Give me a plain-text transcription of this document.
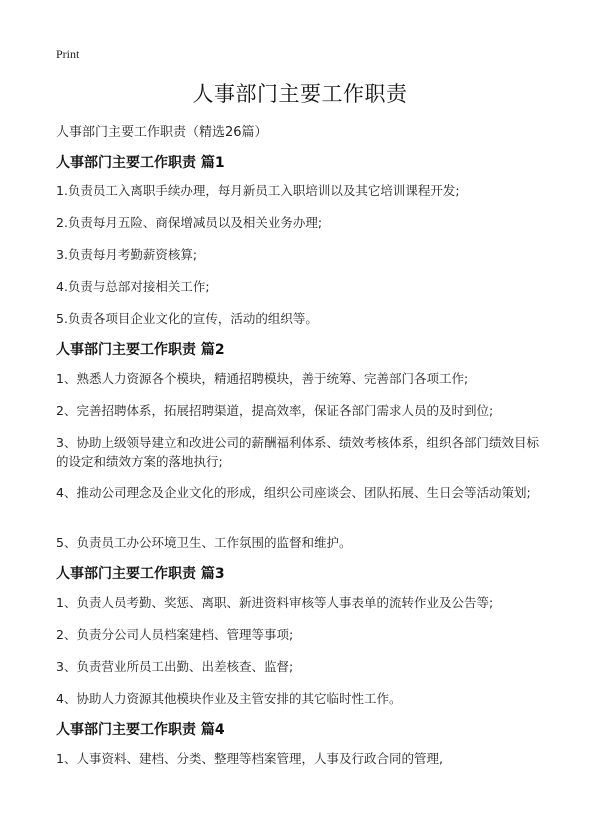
Print
人事部门主要工作职责
人事部门主要工作职责（精选26篇）
人事部门主要工作职责 篇1
1.负责员工入离职手续办理，每月新员工入职培训以及其它培训课程开发;
2.负责每月五险、商保增减员以及相关业务办理;
3.负责每月考勤薪资核算;
4.负责与总部对接相关工作;
5.负责各项目企业文化的宣传，活动的组织等。
人事部门主要工作职责 篇2
1、熟悉人力资源各个模块，精通招聘模块，善于统筹、完善部门各项工作;
2、完善招聘体系，拓展招聘渠道，提高效率，保证各部门需求人员的及时到位;
3、协助上级领导建立和改进公司的薪酬福利体系、绩效考核体系，组织各部门绩效目标的设定和绩效方案的落地执行;
4、推动公司理念及企业文化的形成，组织公司座谈会、团队拓展、生日会等活动策划;
5、负责员工办公环境卫生、工作氛围的监督和维护。
人事部门主要工作职责 篇3
1、负责人员考勤、奖惩、离职、新进资料审核等人事表单的流转作业及公告等;
2、负责分公司人员档案建档、管理等事项;
3、负责营业所员工出勤、出差核查、监督;
4、协助人力资源其他模块作业及主管安排的其它临时性工作。
人事部门主要工作职责 篇4
1、人事资料、建档、分类、整理等档案管理，人事及行政合同的管理,
